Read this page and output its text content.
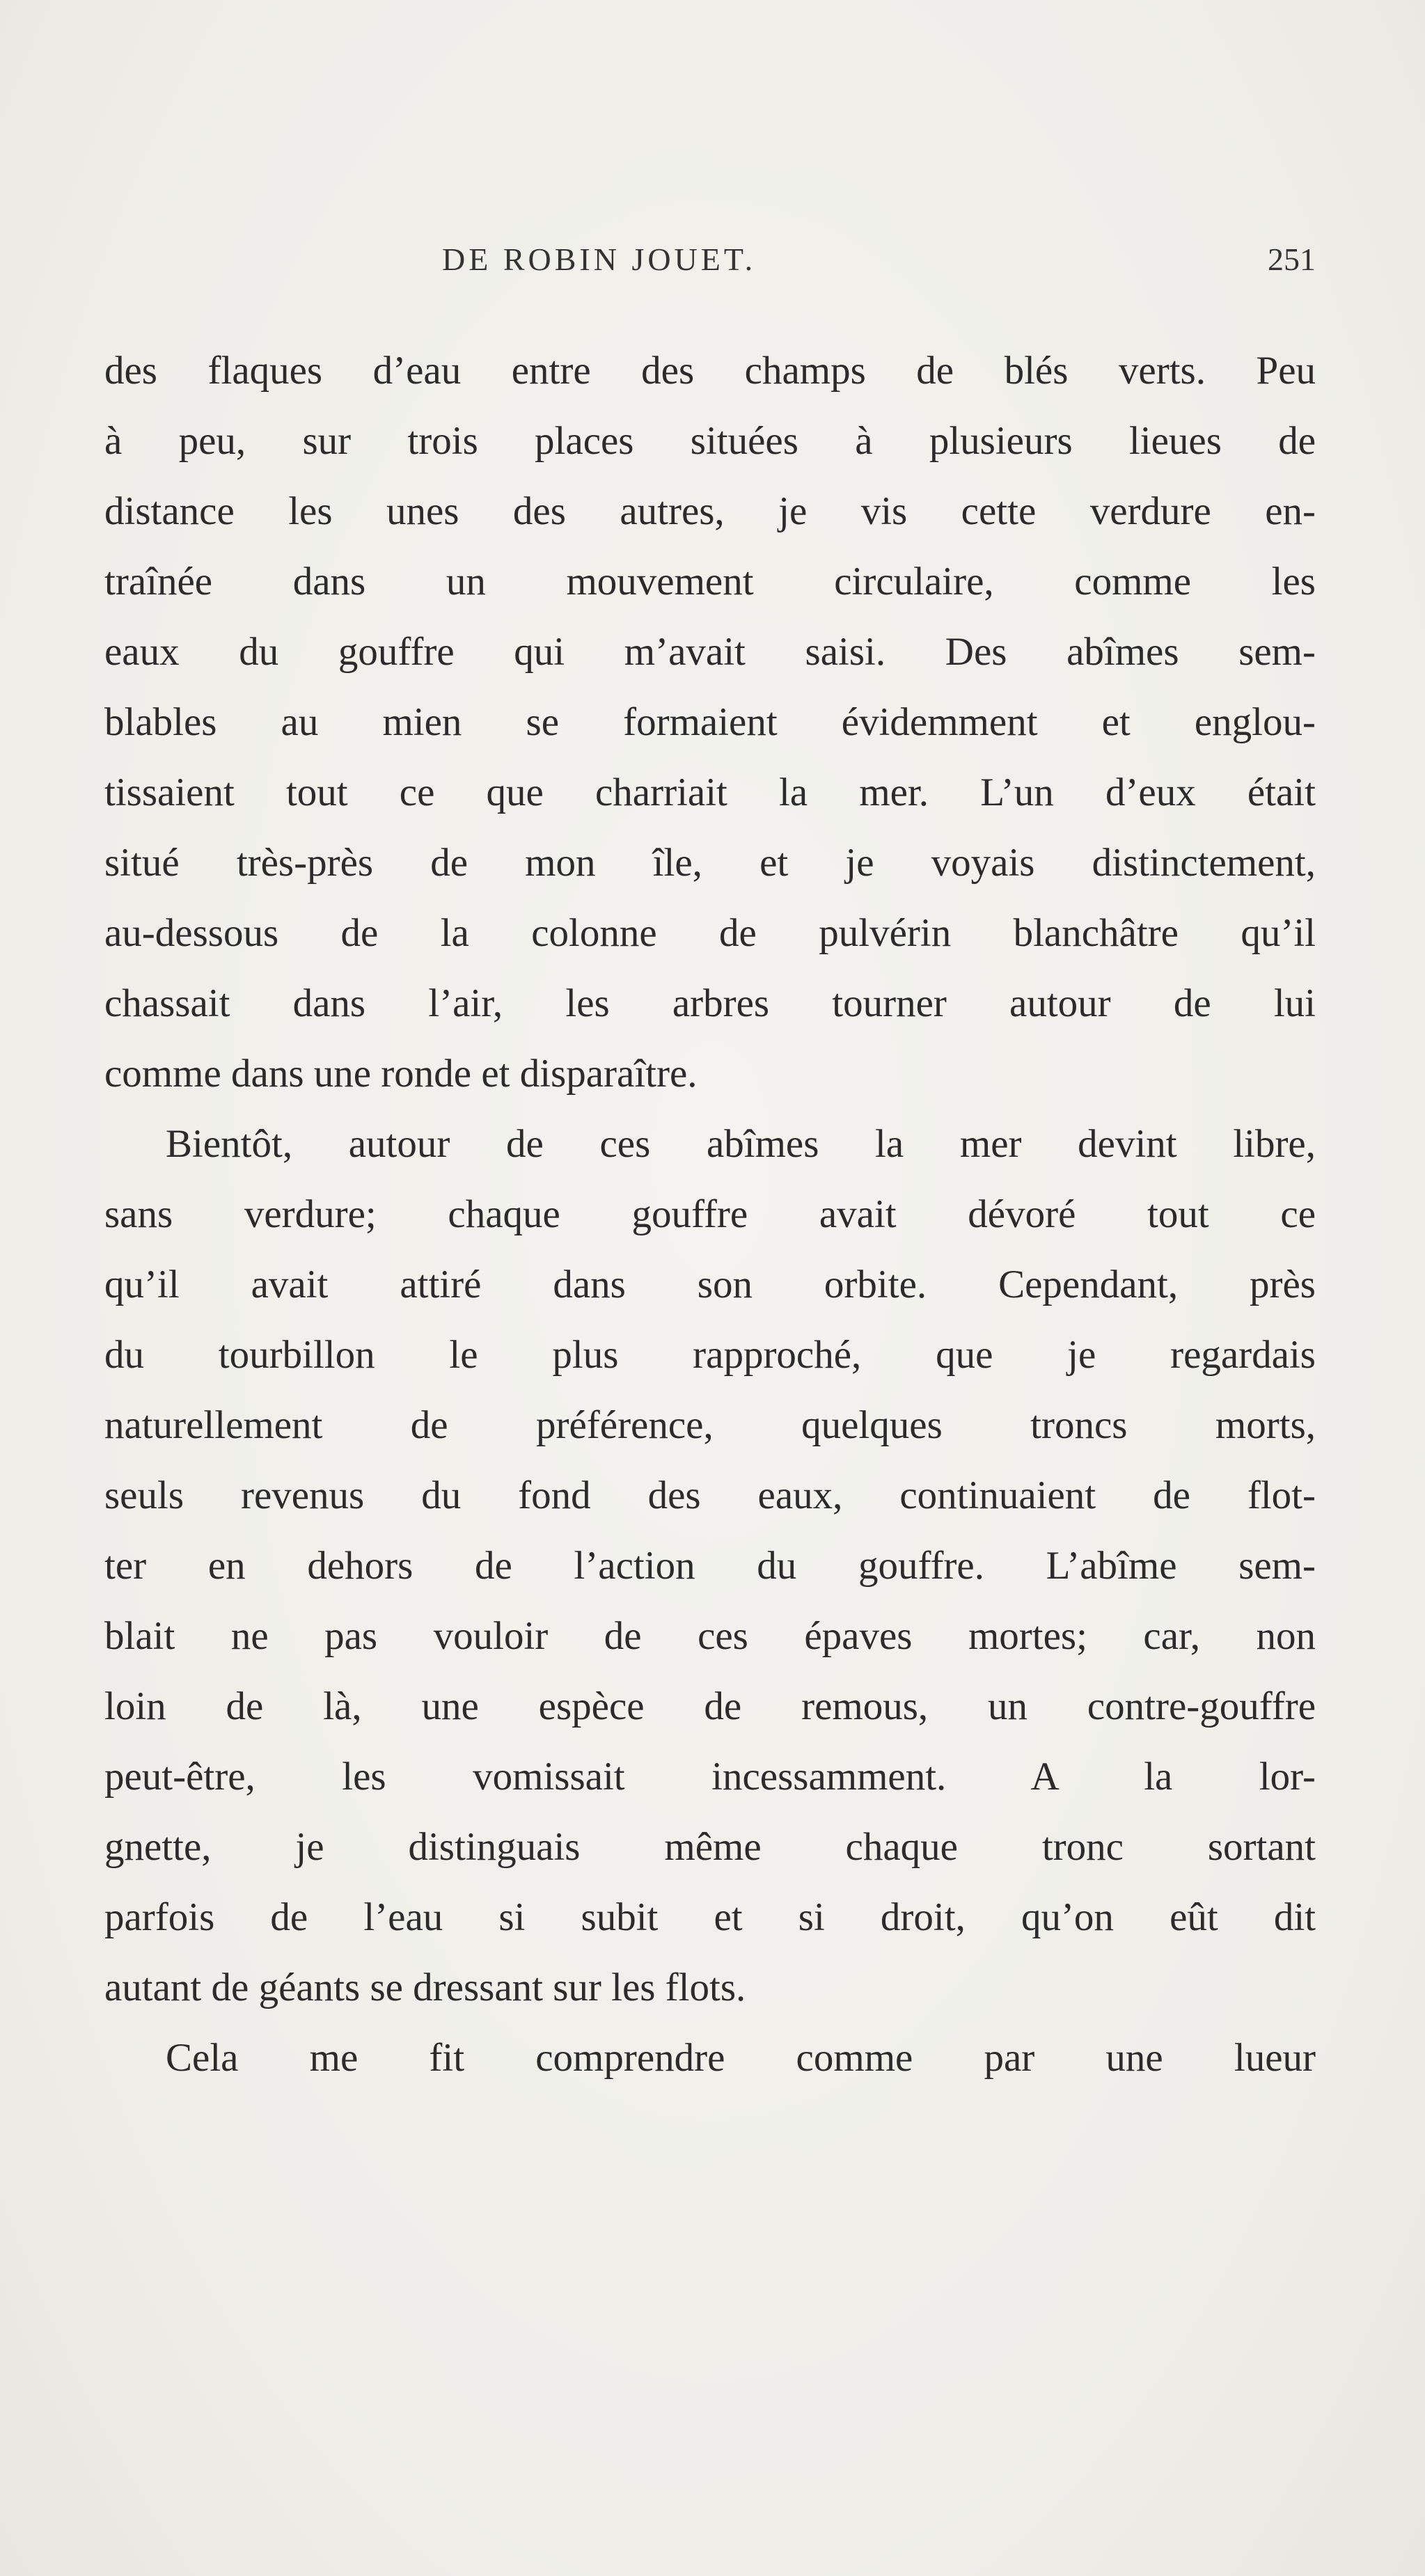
DE ROBIN JOUET.	251
des flaques d’eau entre des champs de blés verts. Peu
à peu, sur trois places situées à plusieurs lieues de
distance les unes des autres, je vis cette verdure en-
traînée dans un mouvement circulaire, comme les
eaux du gouffre qui m’avait saisi. Des abîmes sem-
blables au mien se formaient évidemment et englou-
tissaient tout ce que charriait la mer. L’un d’eux était
situé très-près de mon île, et je voyais distinctement,
au-dessous de la colonne de pulvérin blanchâtre qu’il
chassait dans l’air, les arbres tourner autour de lui
comme dans une ronde et disparaître.
Bientôt, autour de ces abîmes la mer devint libre,
sans verdure; chaque gouffre avait dévoré tout ce
qu’il avait attiré dans son orbite. Cependant, près
du tourbillon le plus rapproché, que je regardais
naturellement de préférence, quelques troncs morts,
seuls revenus du fond des eaux, continuaient de flot-
ter en dehors de l’action du gouffre. L’abîme sem-
blait ne pas vouloir de ces épaves mortes; car, non
loin de là, une espèce de remous, un contre-gouffre
peut-être, les vomissait incessamment. A la lor-
gnette, je distinguais même chaque tronc sortant
parfois de l’eau si subit et si droit, qu’on eût dit
autant de géants se dressant sur les flots.
Cela me fit comprendre comme par une lueur
